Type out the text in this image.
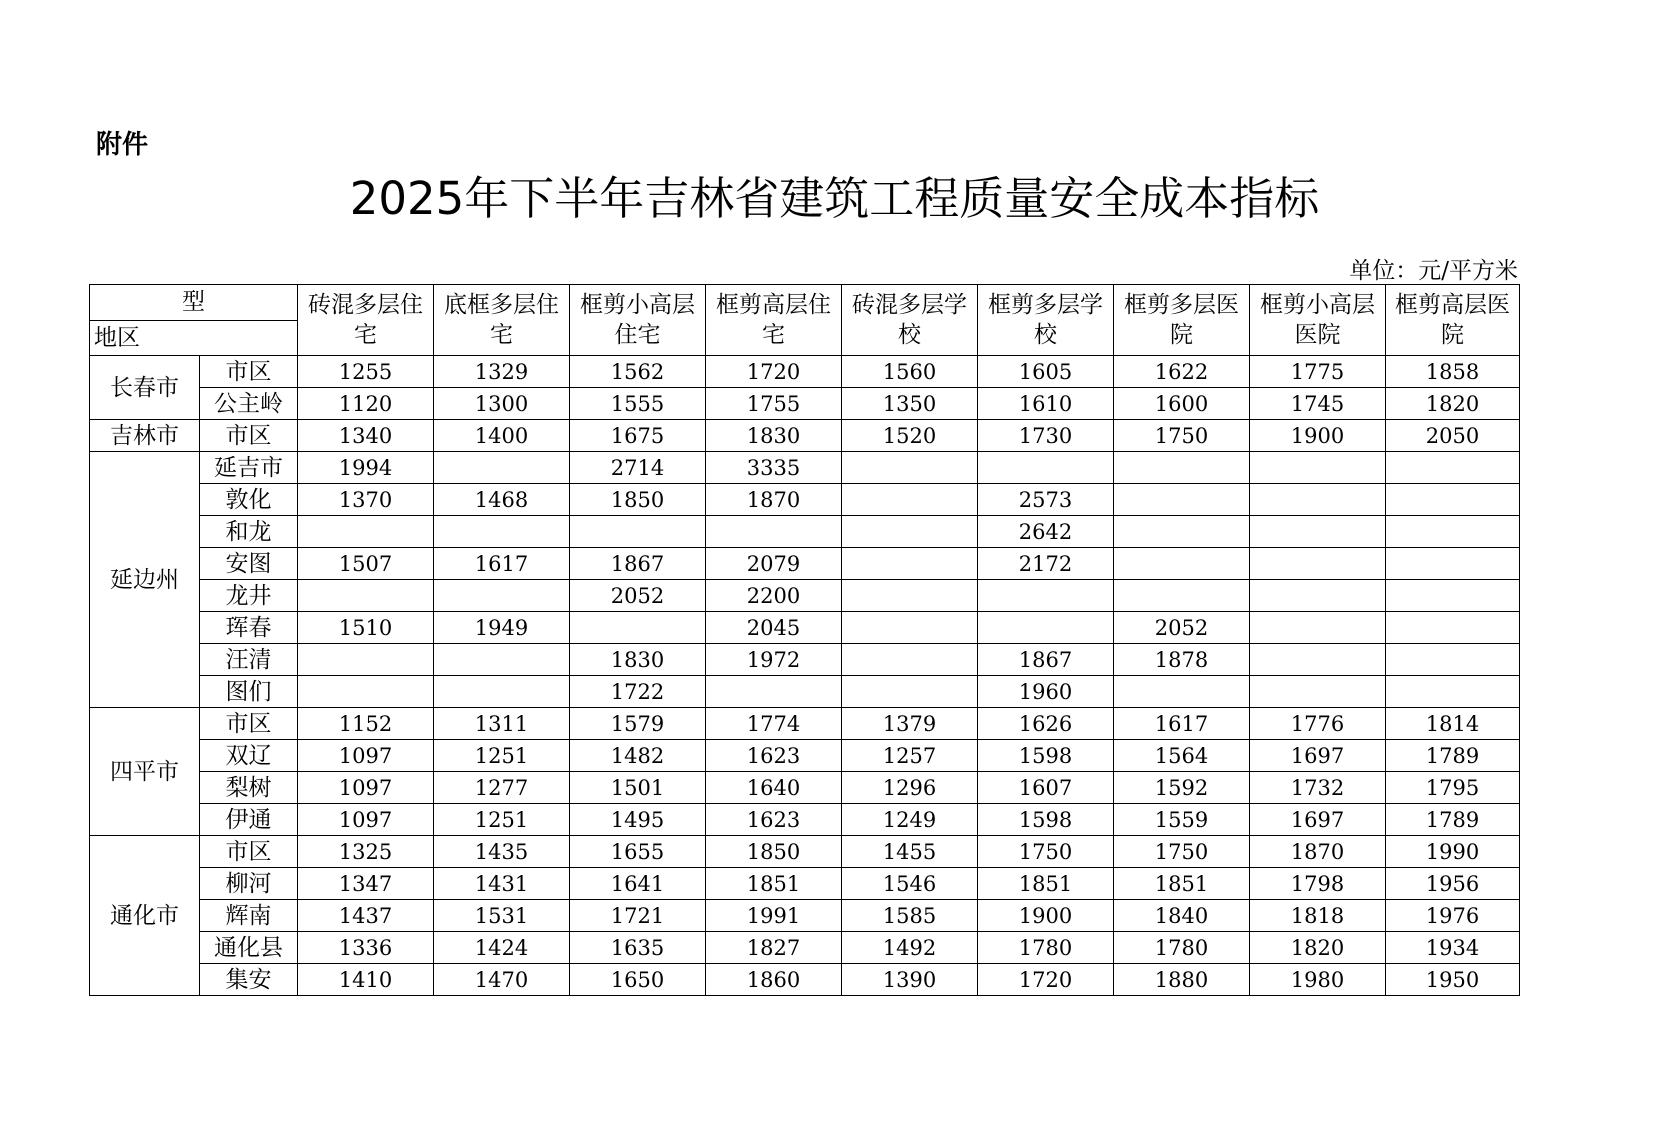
附件
2025年下半年吉林省建筑工程质量安全成本指标
单位：元/平方米
型
地区		砖混多层住宅	底框多层住宅	框剪小高层住宅	框剪高层住宅	砖混多层学校	框剪多层学校	框剪多层医院	框剪小高层医院	框剪高层医院
长春市	市区	1255	1329	1562	1720	1560	1605	1622	1775	1858
	公主岭	1120	1300	1555	1755	1350	1610	1600	1745	1820
吉林市	市区	1340	1400	1675	1830	1520	1730	1750	1900	2050
延边州	延吉市	1994		2714	3335					
	敦化	1370	1468	1850	1870		2573			
	和龙						2642			
	安图	1507	1617	1867	2079		2172			
	龙井			2052	2200					
	珲春	1510	1949		2045			2052		
	汪清			1830	1972		1867	1878		
	图们			1722			1960			
四平市	市区	1152	1311	1579	1774	1379	1626	1617	1776	1814
	双辽	1097	1251	1482	1623	1257	1598	1564	1697	1789
	梨树	1097	1277	1501	1640	1296	1607	1592	1732	1795
	伊通	1097	1251	1495	1623	1249	1598	1559	1697	1789
通化市	市区	1325	1435	1655	1850	1455	1750	1750	1870	1990
	柳河	1347	1431	1641	1851	1546	1851	1851	1798	1956
	辉南	1437	1531	1721	1991	1585	1900	1840	1818	1976
	通化县	1336	1424	1635	1827	1492	1780	1780	1820	1934
	集安	1410	1470	1650	1860	1390	1720	1880	1980	1950
